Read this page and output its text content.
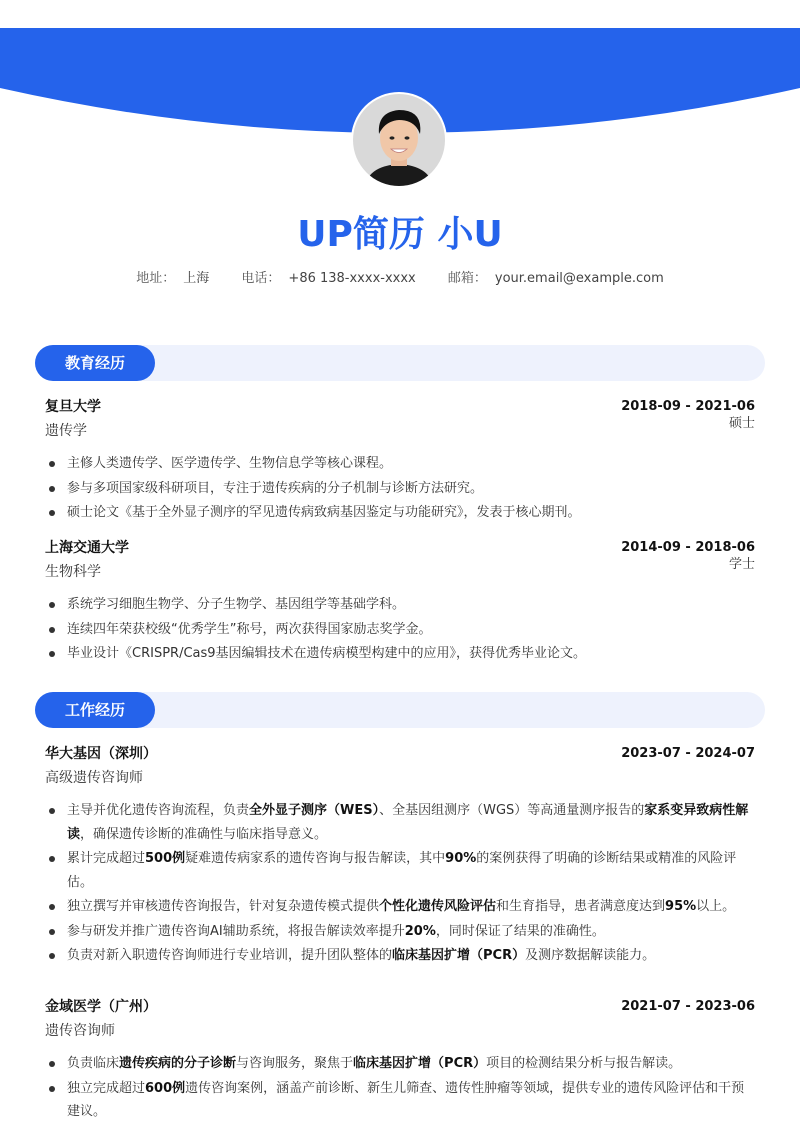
UP简历 小U
地址： 上海 电话： +86 138-xxxx-xxxx 邮箱： your.email@example.com
教育经历
复旦大学	2018-09 - 2021-06
遗传学	硕士
主修人类遗传学、医学遗传学、生物信息学等核心课程。
参与多项国家级科研项目，专注于遗传疾病的分子机制与诊断方法研究。
硕士论文《基于全外显子测序的罕见遗传病致病基因鉴定与功能研究》，发表于核心期刊。
上海交通大学	2014-09 - 2018-06
生物科学	学士
系统学习细胞生物学、分子生物学、基因组学等基础学科。
连续四年荣获校级“优秀学生”称号，两次获得国家励志奖学金。
毕业设计《CRISPR/Cas9基因编辑技术在遗传病模型构建中的应用》，获得优秀毕业论文。
工作经历
华大基因（深圳）	2023-07 - 2024-07
高级遗传咨询师
主导并优化遗传咨询流程，负责全外显子测序（WES）、全基因组测序（WGS）等高通量测序报告的家系变异致病性解读，确保遗传诊断的准确性与临床指导意义。
累计完成超过500例疑难遗传病家系的遗传咨询与报告解读，其中90%的案例获得了明确的诊断结果或精准的风险评估。
独立撰写并审核遗传咨询报告，针对复杂遗传模式提供个性化遗传风险评估和生育指导，患者满意度达到95%以上。
参与研发并推广遗传咨询AI辅助系统，将报告解读效率提升20%，同时保证了结果的准确性。
负责对新入职遗传咨询师进行专业培训，提升团队整体的临床基因扩增（PCR）及测序数据解读能力。
金域医学（广州）	2021-07 - 2023-06
遗传咨询师
负责临床遗传疾病的分子诊断与咨询服务，聚焦于临床基因扩增（PCR）项目的检测结果分析与报告解读。
独立完成超过600例遗传咨询案例，涵盖产前诊断、新生儿筛查、遗传性肿瘤等领域，提供专业的遗传风险评估和干预建议。
